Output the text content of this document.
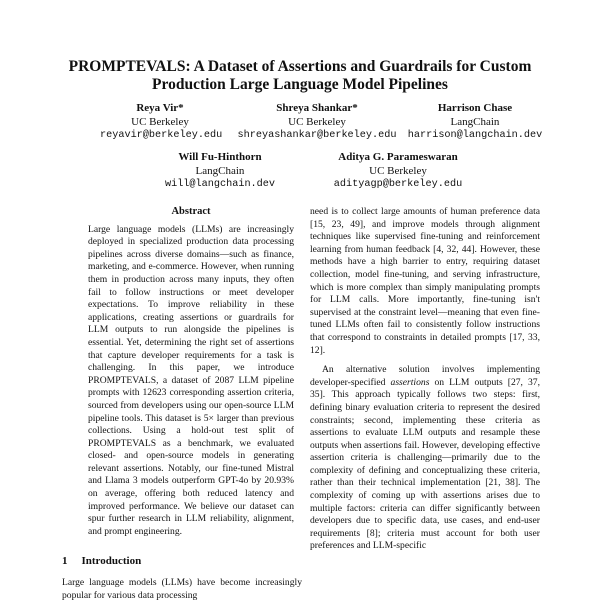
PROMPTEVALS: A Dataset of Assertions and Guardrails for Custom
Production Large Language Model Pipelines
Reya Vir*
UC Berkeley
reyavir@berkeley.edu
Shreya Shankar*
UC Berkeley
shreyashankar@berkeley.edu
Harrison Chase
LangChain
harrison@langchain.dev
Will Fu-Hinthorn
LangChain
will@langchain.dev
Aditya G. Parameswaran
UC Berkeley
adityagp@berkeley.edu
Abstract

Large language models (LLMs) are increasingly deployed in specialized production data processing pipelines across diverse domains—such as finance, marketing, and e-commerce. However, when running them in production across many inputs, they often fail to follow instructions or meet developer expectations. To improve reliability in these applications, creating assertions or guardrails for LLM outputs to run alongside the pipelines is essential. Yet, determining the right set of assertions that capture developer requirements for a task is challenging. In this paper, we introduce PROMPTEVALS, a dataset of 2087 LLM pipeline prompts with 12623 corresponding assertion criteria, sourced from developers using our open-source LLM pipeline tools. This dataset is 5× larger than previous collections. Using a hold-out test split of PROMPTEVALS as a benchmark, we evaluated closed- and open-source models in generating relevant assertions. Notably, our fine-tuned Mistral and Llama 3 models outperform GPT-4o by 20.93% on average, offering both reduced latency and improved performance. We believe our dataset can spur further research in LLM reliability, alignment, and prompt engineering.

1 Introduction
Large language models (LLMs) have become increasingly popular for various data processing

need is to collect large amounts of human preference data [15, 23, 49], and improve models through alignment techniques like supervised fine-tuning and reinforcement learning from human feedback [4, 32, 44]. However, these methods have a high barrier to entry, requiring dataset collection, model fine-tuning, and serving infrastructure, which is more complex than simply manipulating prompts for LLM calls. More importantly, fine-tuning isn't supervised at the constraint level—meaning that even fine-tuned LLMs often fail to consistently follow instructions that correspond to constraints in detailed prompts [17, 33, 12].

An alternative solution involves implementing developer-specified assertions on LLM outputs [27, 37, 35]. This approach typically follows two steps: first, defining binary evaluation criteria to represent the desired constraints; second, implementing these criteria as assertions to evaluate LLM outputs and resample these outputs when assertions fail. However, developing effective assertion criteria is challenging—primarily due to the complexity of defining and conceptualizing these criteria, rather than their technical implementation [21, 38]. The complexity of coming up with assertions arises due to multiple factors: criteria can differ significantly between developers due to specific data, use cases, and end-user requirements [8]; criteria must account for both user preferences and LLM-specific
